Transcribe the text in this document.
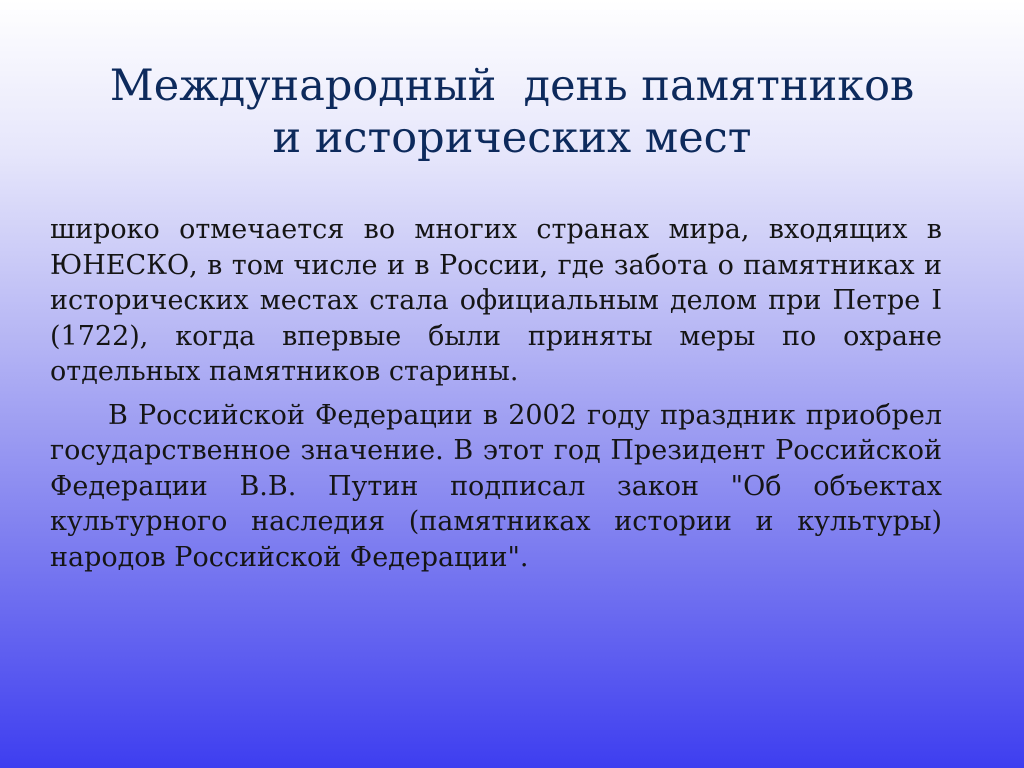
Международный  день памятников
и исторических мест

широко отмечается во многих странах мира, входящих в ЮНЕСКО, в том числе и в России, где забота о памятниках и исторических местах стала официальным делом при Петре I (1722), когда впервые были приняты меры по охране отдельных памятников старины.

В Российской Федерации в 2002 году праздник приобрел государственное значение. В этот год Президент Российской Федерации В.В. Путин подписал закон "Об объектах культурного наследия (памятниках истории и культуры) народов Российской Федерации".
